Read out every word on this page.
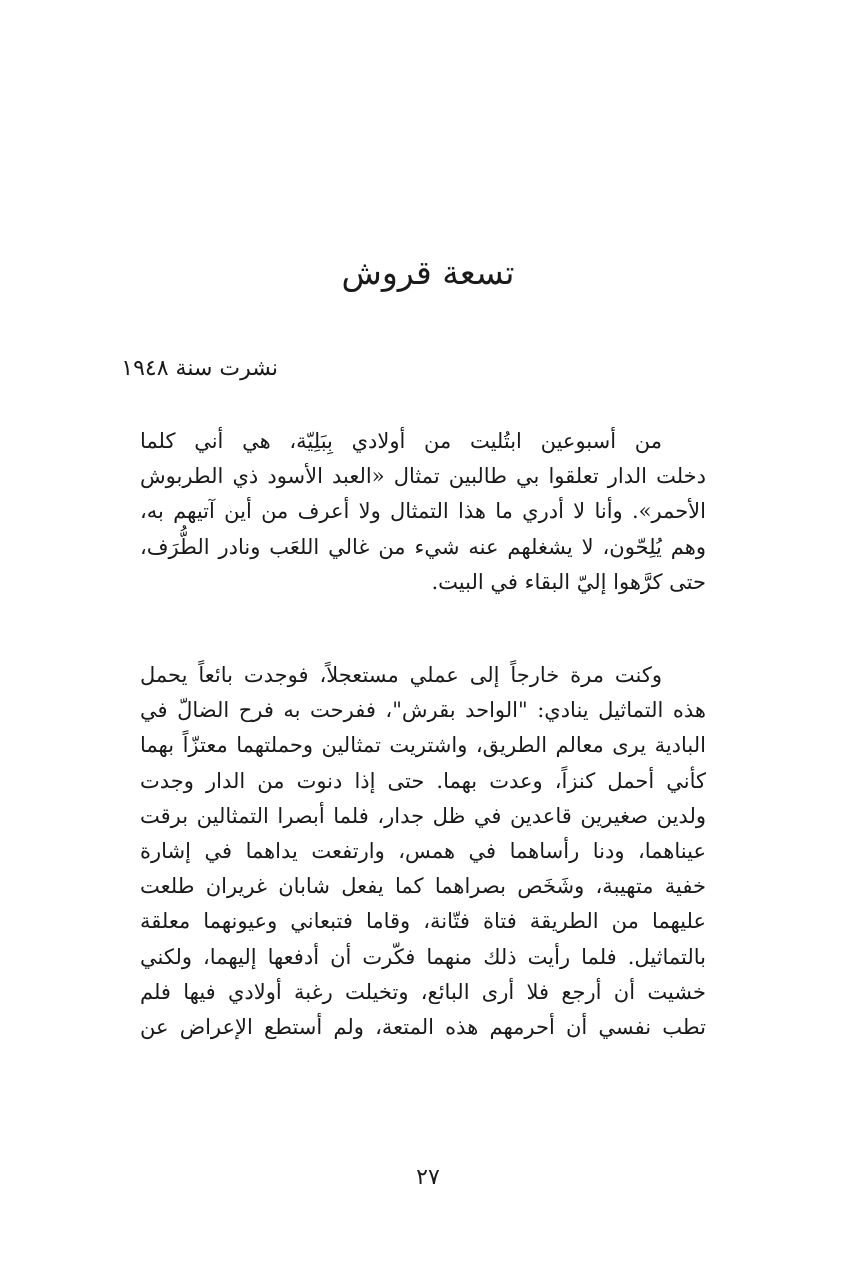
تسعة قروش
نشرت سنة ١٩٤٨
من أسبوعين ابتُليت من أولادي بِبَلِيّة، هي أني كلما
دخلت الدار تعلقوا بي طالبين تمثال «العبد الأسود ذي الطربوش
الأحمر». وأنا لا أدري ما هذا التمثال ولا أعرف من أين آتيهم به،
وهم يُلِحّون، لا يشغلهم عنه شيء من غالي اللعَب ونادر الطُّرَف،
حتى كرَّهوا إليّ البقاء في البيت.
وكنت مرة خارجاً إلى عملي مستعجلاً، فوجدت بائعاً يحمل
هذه التماثيل ينادي: "الواحد بقرش"، ففرحت به فرح الضالّ في
البادية يرى معالم الطريق، واشتريت تمثالين وحملتهما معتزّاً بهما
كأني أحمل كنزاً، وعدت بهما. حتى إذا دنوت من الدار وجدت
ولدين صغيرين قاعدين في ظل جدار، فلما أبصرا التمثالين برقت
عيناهما، ودنا رأساهما في همس، وارتفعت يداهما في إشارة
خفية متهيبة، وشَخَص بصراهما كما يفعل شابان غريران طلعت
عليهما من الطريقة فتاة فتّانة، وقاما فتبعاني وعيونهما معلقة
بالتماثيل. فلما رأيت ذلك منهما فكّرت أن أدفعها إليهما، ولكني
خشيت أن أرجع فلا أرى البائع، وتخيلت رغبة أولادي فيها فلم
تطب نفسي أن أحرمهم هذه المتعة، ولم أستطع الإعراض عن
٢٧
